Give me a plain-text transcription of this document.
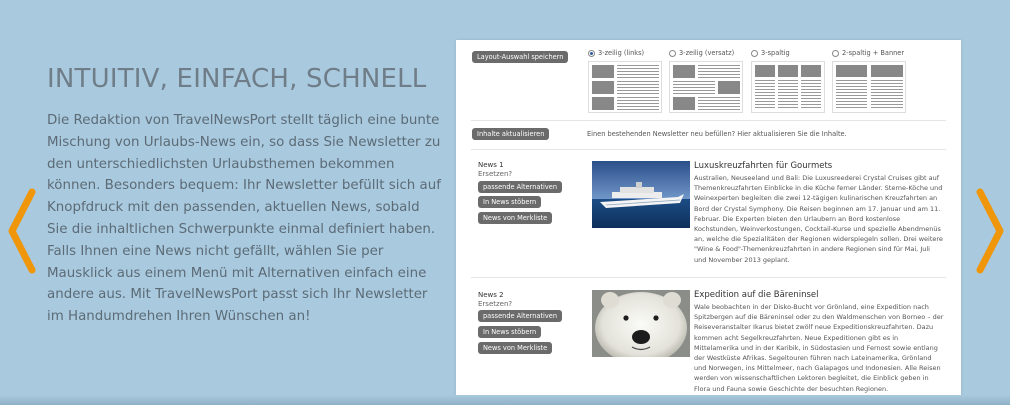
INTUITIV, EINFACH, SCHNELL

Die Redaktion von TravelNewsPort stellt täglich eine bunte Mischung von Urlaubs-News ein, so dass Sie Newsletter zu den unterschiedlichsten Urlaubsthemen bekommen können. Besonders bequem: Ihr Newsletter befüllt sich auf Knopfdruck mit den passenden, aktuellen News, sobald Sie die inhaltlichen Schwerpunkte einmal definiert haben. Falls Ihnen eine News nicht gefällt, wählen Sie per Mausklick aus einem Menü mit Alternativen einfach eine andere aus. Mit TravelNewsPort passt sich Ihr Newsletter im Handumdrehen Ihren Wünschen an!

Layout-Auswahl speichern	3-zeilig (links)	3-zeilig (versatz)	3-spaltig	2-spaltig + Banner
Inhalte aktualisieren	Einen bestehenden Newsletter neu befüllen? Hier aktualisieren Sie die Inhalte.
News 1
Ersetzen?
passende Alternativen
In News stöbern
News von Merkliste
Luxuskreuzfahrten für Gourmets
Australien, Neuseeland und Bali: Die Luxusreederei Crystal Cruises gibt auf Themenkreuzfahrten Einblicke in die Küche ferner Länder. Sterne-Köche und Weinexperten begleiten die zwei 12-tägigen kulinarischen Kreuzfahrten an Bord der Crystal Symphony. Die Reisen beginnen am 17. Januar und am 11. Februar. Die Experten bieten den Urlaubern an Bord kostenlose Kochstunden, Weinverkostungen, Cocktail-Kurse und spezielle Abendmenüs an, welche die Spezialitäten der Regionen widerspiegeln sollen. Drei weitere "Wine & Food"-Themenkreuzfahrten in andere Regionen sind für Mai, Juli und November 2013 geplant.
News 2
Ersetzen?
passende Alternativen
In News stöbern
News von Merkliste
Expedition auf die Bäreninsel
Wale beobachten in der Disko-Bucht vor Grönland, eine Expedition nach Spitzbergen auf die Bäreninsel oder zu den Waldmenschen von Borneo – der Reiseveranstalter Ikarus bietet zwölf neue Expeditionskreuzfahrten. Dazu kommen acht Segelkreuzfahrten. Neue Expeditionen gibt es in Mittelamerika und in der Karibik, in Südostasien und Fernost sowie entlang der Westküste Afrikas. Segeltouren führen nach Lateinamerika, Grönland und Norwegen, ins Mittelmeer, nach Galapagos und Indonesien. Alle Reisen werden von wissenschaftlichen Lektoren begleitet, die Einblick geben in Flora und Fauna sowie Geschichte der besuchten Regionen.
